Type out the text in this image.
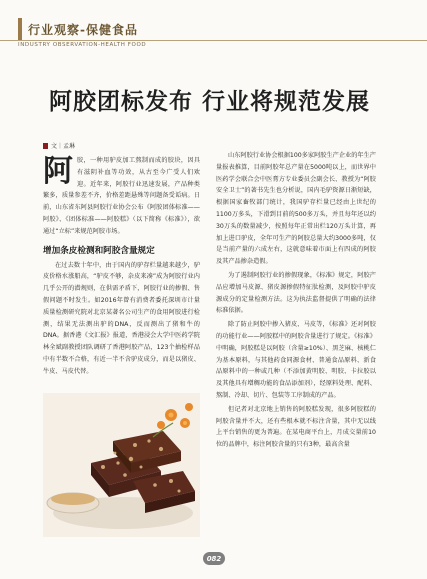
行业观察-保健食品
INDUSTRY OBSERVATION-HEALTH FOOD
阿胶团标发布 行业将规范发展
文｜孟琳

阿胶，一种用驴皮加工熬制而成的胶块，因具有滋阴补血等功效，从古至今广受人们欢迎。近年来，阿胶行业迅速发展，产品种类繁多，质量参差不齐，价格差距悬殊等问题备受诟病。日前，山东省东阿县阿胶行业协会公布《阿胶团体标准——阿胶》、《团体标准——阿胶糕》（以下简称《标准》），欲通过“立标”来规范阿胶市场。

增加条皮检测和阿胶含量规定

在过去数十年中，由于国内的驴存栏量越来越少，驴皮价格水涨船高，“驴皮不够，杂皮来凑”成为阿胶行业内几乎公开的潜规则，在供需矛盾下，阿胶行业的掺假、售假问题不时发生。如2016年曾有消费者委托深圳市计量质量检测研究院对北京某著名公司生产的食用阿胶进行检测，结果无法测出驴的DNA，反而测出了猪和牛的DNA。据香港《文汇报》报道，香港浸会大学中医药学院林全斌副教授团队调研了香港阿胶产品，123个抽检样品中有半数不合格，有近一半不含驴皮成分，而是以猪皮、牛皮、马皮代替。

山东阿胶行业协会根据100多家阿胶生产企业的年生产量报表推算，目前阿胶年总产量在5000吨以上，而世界中医药学会联合会中医膏方专业委员会副会长、教授为“阿胶安全卫士”的著书先生也分析说，国内毛驴资源日渐短缺，根据国家畜牧部门统计，我国驴存栏量已经由上世纪的1100万多头，下滑到目前的500多万头，并且每年还以约30万头的数量减少，按照每年正常出栏120万头计算，再加上进口驴皮，全年可生产的阿胶总量大约3000多吨，仅是当前产量的六成左右，这就意味着市面上有四成的阿胶及其产品掺杂造假。

为了遏制阿胶行业的掺假现象，《标准》规定，阿胶产品应增加马皮源、猪皮源掺假特征肽检测，及阿胶中驴皮源成分的定量检测方法。这为执法监督提供了明确的法律标准依据。

除了防止阿胶中掺入猪皮、马皮等，《标准》还对阿胶的功能行业——阿胶糕中的阿胶含量进行了规定。《标准》中明确，阿胶糕是以阿胶（含量≥10%）、黑芝麻、核桃仁为基本原料，与其他药食同源食材、普通食品原料、新食品原料中的一种或几种（不添加黄明胶、明胶、卡拉胶以及其他具有增稠功能的食品添加剂），经原料处理、配料、熬制、冷却、切片、包装等工序制成的产品。

但记者对北京地上销售的阿胶糕发现，很多阿胶糕的阿胶含量并不大，还有些根本就不标注含量，其中无以线上平台销售的更为普遍。在某电商平台上，月成交量前10位的品牌中，标注阿胶含量的只有3种，最高含量

082
